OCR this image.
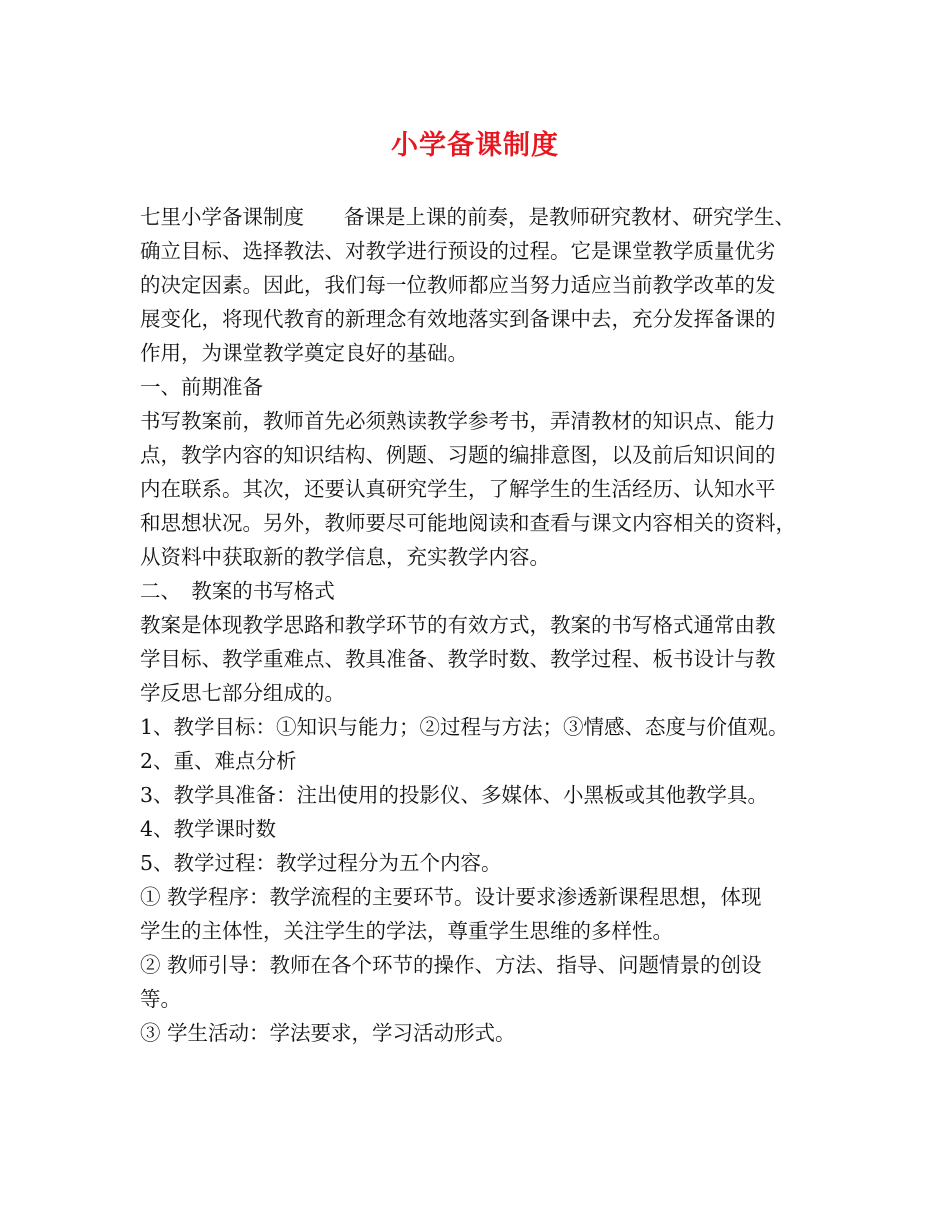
小学备课制度
七里小学备课制度 备课是上课的前奏，是教师研究教材、研究学生、
确立目标、选择教法、对教学进行预设的过程。它是课堂教学质量优劣
的决定因素。因此，我们每一位教师都应当努力适应当前教学改革的发
展变化，将现代教育的新理念有效地落实到备课中去，充分发挥备课的
作用，为课堂教学奠定良好的基础。
一、前期准备
书写教案前，教师首先必须熟读教学参考书，弄清教材的知识点、能力
点，教学内容的知识结构、例题、习题的编排意图，以及前后知识间的
内在联系。其次，还要认真研究学生，了解学生的生活经历、认知水平
和思想状况。另外，教师要尽可能地阅读和查看与课文内容相关的资料，
从资料中获取新的教学信息，充实教学内容。
二、　教案的书写格式
教案是体现教学思路和教学环节的有效方式，教案的书写格式通常由教
学目标、教学重难点、教具准备、教学时数、教学过程、板书设计与教
学反思七部分组成的。
1、教学目标：①知识与能力；②过程与方法；③情感、态度与价值观。
2、重、难点分析
3、教学具准备：注出使用的投影仪、多媒体、小黑板或其他教学具。
4、教学课时数
5、教学过程：教学过程分为五个内容。
① 教学程序：教学流程的主要环节。设计要求渗透新课程思想，体现
学生的主体性，关注学生的学法，尊重学生思维的多样性。
② 教师引导：教师在各个环节的操作、方法、指导、问题情景的创设
等。
③ 学生活动：学法要求，学习活动形式。
